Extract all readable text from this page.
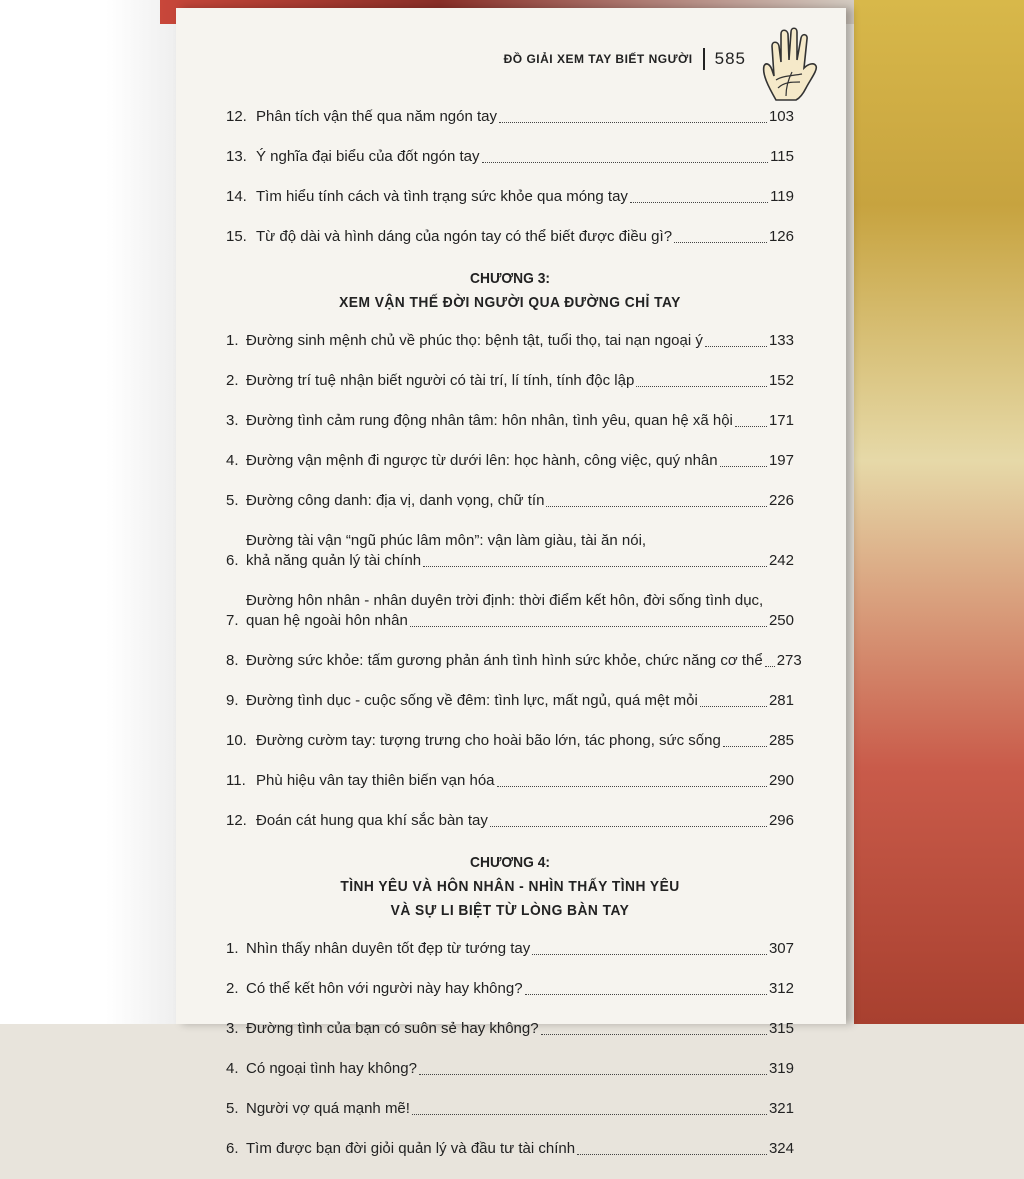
ĐỒ GIẢI XEM TAY BIẾT NGƯỜI 585
12. Phân tích vận thế qua năm ngón tay	103
13. Ý nghĩa đại biểu của đốt ngón tay	115
14. Tìm hiểu tính cách và tình trạng sức khỏe qua móng tay	119
15. Từ độ dài và hình dáng của ngón tay có thể biết được điều gì?	126
CHƯƠNG 3:
XEM VẬN THẾ ĐỜI NGƯỜI QUA ĐƯỜNG CHỈ TAY
1. Đường sinh mệnh chủ về phúc thọ: bệnh tật, tuổi thọ, tai nạn ngoại ý	133
2. Đường trí tuệ nhận biết người có tài trí, lí tính, tính độc lập	152
3. Đường tình cảm rung động nhân tâm: hôn nhân, tình yêu, quan hệ xã hội 171
4. Đường vận mệnh đi ngược từ dưới lên: học hành, công việc, quý nhân	197
5. Đường công danh: địa vị, danh vọng, chữ tín	226
6.
Đường tài vận “ngũ phúc lâm môn”: vận làm giàu, tài ăn nói,
khả năng quản lý tài chính	242
7.
Đường hôn nhân - nhân duyên trời định: thời điểm kết hôn, đời sống tình dục,
quan hệ ngoài hôn nhân	250
8. Đường sức khỏe: tấm gương phản ánh tình hình sức khỏe, chức năng cơ thể 273
9. Đường tình dục - cuộc sống về đêm: tình lực, mất ngủ, quá mệt mỏi	281
10. Đường cườm tay: tượng trưng cho hoài bão lớn, tác phong, sức sống	285
11. Phù hiệu vân tay thiên biến vạn hóa	290
12. Đoán cát hung qua khí sắc bàn tay	296
CHƯƠNG 4:
TÌNH YÊU VÀ HÔN NHÂN - NHÌN THẤY TÌNH YÊU
VÀ SỰ LI BIỆT TỪ LÒNG BÀN TAY
1. Nhìn thấy nhân duyên tốt đẹp từ tướng tay	307
2. Có thể kết hôn với người này hay không?	312
3. Đường tình của bạn có suôn sẻ hay không?	315
4. Có ngoại tình hay không?	319
5. Người vợ quá mạnh mẽ!	321
6. Tìm được bạn đời giỏi quản lý và đầu tư tài chính	324
